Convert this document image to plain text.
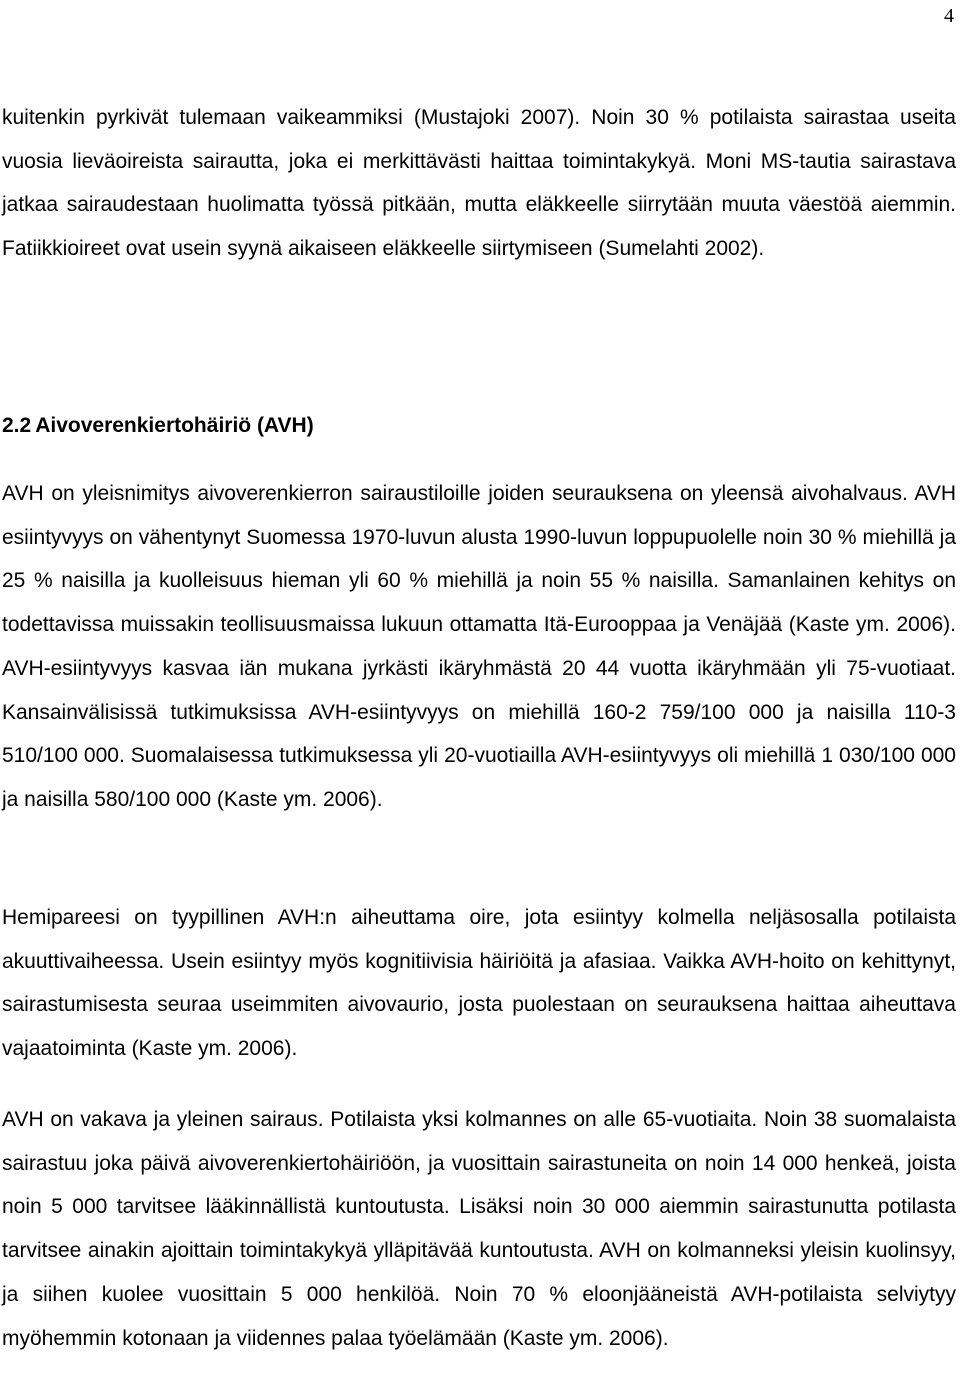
4

kuitenkin pyrkivät tulemaan vaikeammiksi (Mustajoki 2007). Noin 30 % potilaista sairastaa useita vuosia lieväoireista sairautta, joka ei merkittävästi haittaa toimintakykyä. Moni MS-tautia sairastava jatkaa sairaudestaan huolimatta työssä pitkään, mutta eläkkeelle siirrytään muuta väestöä aiemmin. Fatiikkioireet ovat usein syynä aikaiseen eläkkeelle siirtymiseen (Sumelahti 2002).

2.2 Aivoverenkiertohäiriö (AVH)

AVH on yleisnimitys aivoverenkierron sairaustiloille joiden seurauksena on yleensä aivohalvaus. AVH esiintyvyys on vähentynyt Suomessa 1970-luvun alusta 1990-luvun loppupuolelle noin 30 % miehillä ja 25 % naisilla ja kuolleisuus hieman yli 60 % miehillä ja noin 55 % naisilla. Samanlainen kehitys on todettavissa muissakin teollisuusmaissa lukuun ottamatta Itä-Eurooppaa ja Venäjää (Kaste ym. 2006). AVH-esiintyvyys kasvaa iän mukana jyrkästi ikäryhmästä 20 44 vuotta ikäryhmään yli 75-vuotiaat. Kansainvälisissä tutkimuksissa AVH-esiintyvyys on miehillä 160-2 759/100 000 ja naisilla 110-3 510/100 000. Suomalaisessa tutkimuksessa yli 20-vuotiailla AVH-esiintyvyys oli miehillä 1 030/100 000 ja naisilla 580/100 000 (Kaste ym. 2006).

Hemipareesi on tyypillinen AVH:n aiheuttama oire, jota esiintyy kolmella neljäsosalla potilaista akuuttivaiheessa. Usein esiintyy myös kognitiivisia häiriöitä ja afasiaa. Vaikka AVH-hoito on kehittynyt, sairastumisesta seuraa useimmiten aivovaurio, josta puolestaan on seurauksena haittaa aiheuttava vajaatoiminta (Kaste ym. 2006).

AVH on vakava ja yleinen sairaus. Potilaista yksi kolmannes on alle 65-vuotiaita. Noin 38 suomalaista sairastuu joka päivä aivoverenkiertohäiriöön, ja vuosittain sairastuneita on noin 14 000 henkeä, joista noin 5 000 tarvitsee lääkinnällistä kuntoutusta. Lisäksi noin 30 000 aiemmin sairastunutta potilasta tarvitsee ainakin ajoittain toimintakykyä ylläpitävää kuntoutusta. AVH on kolmanneksi yleisin kuolinsyy, ja siihen kuolee vuosittain 5 000 henkilöä. Noin 70 % eloonjääneistä AVH-potilaista selviytyy myöhemmin kotonaan ja viidennes palaa työelämään (Kaste ym. 2006).
